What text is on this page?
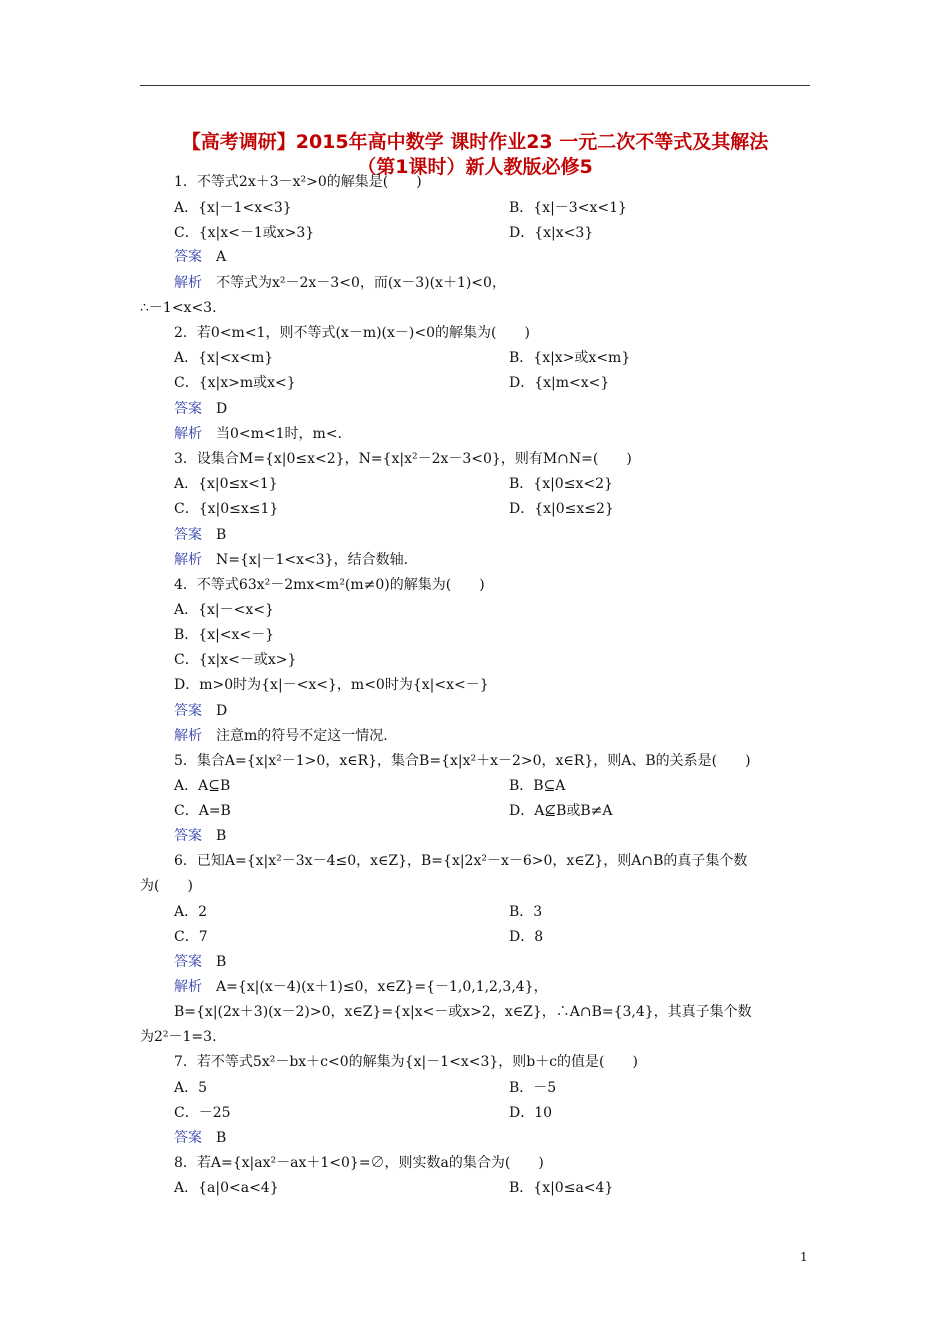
【高考调研】2015年高中数学 课时作业23 一元二次不等式及其解法
（第1课时）新人教版必修5
1．不等式2x＋3－x²>0的解集是(　　)
A．{x|－1<x<3}	B．{x|－3<x<1}
C．{x|x<－1或x>3}	D．{x|x<3}
答案　 A
解析　 不等式为x²－2x－3<0，而(x－3)(x＋1)<0，
∴－1<x<3.
2．若0<m<1，则不等式(x－m)(x－)<0的解集为(　　)
A．{x|<x<m}	B．{x|x>或x<m}
C．{x|x>m或x<}	D．{x|m<x<}
答案　 D
解析　 当0<m<1时，m<.
3．设集合M={x|0≤x<2}，N={x|x²－2x－3<0}，则有M∩N=(　　)
A．{x|0≤x<1}	B．{x|0≤x<2}
C．{x|0≤x≤1}	D．{x|0≤x≤2}
答案　 B
解析　 N={x|－1<x<3}，结合数轴.
4．不等式63x²－2mx<m²(m≠0)的解集为(　　)
A．{x|－<x<}
B．{x|<x<－}
C．{x|x<－或x>}
D．m>0时为{x|－<x<}，m<0时为{x|<x<－}
答案　 D
解析　 注意m的符号不定这一情况.
5．集合A={x|x²－1>0，x∈R}，集合B={x|x²＋x－2>0，x∈R}，则A、B的关系是(　　)
A．A⊆B	B．B⊆A
C．A=B	D．A⊈B或B≠A
答案　 B
6．已知A={x|x²－3x－4≤0，x∈Z}，B={x|2x²－x－6>0，x∈Z}，则A∩B的真子集个数
为(　　)
A．2	B．3
C．7	D．8
答案　 B
解析　 A={x|(x－4)(x＋1)≤0，x∈Z}={－1,0,1,2,3,4}，
B={x|(2x＋3)(x－2)>0，x∈Z}={x|x<－或x>2，x∈Z}，∴A∩B={3,4}，其真子集个数
为2²－1=3.
7．若不等式5x²－bx＋c<0的解集为{x|－1<x<3}，则b＋c的值是(　　)
A．5	B．－5
C．－25	D．10
答案　 B
8．若A={x|ax²－ax＋1<0}=∅，则实数a的集合为(　　)
A．{a|0<a<4}	B．{x|0≤a<4}
1
